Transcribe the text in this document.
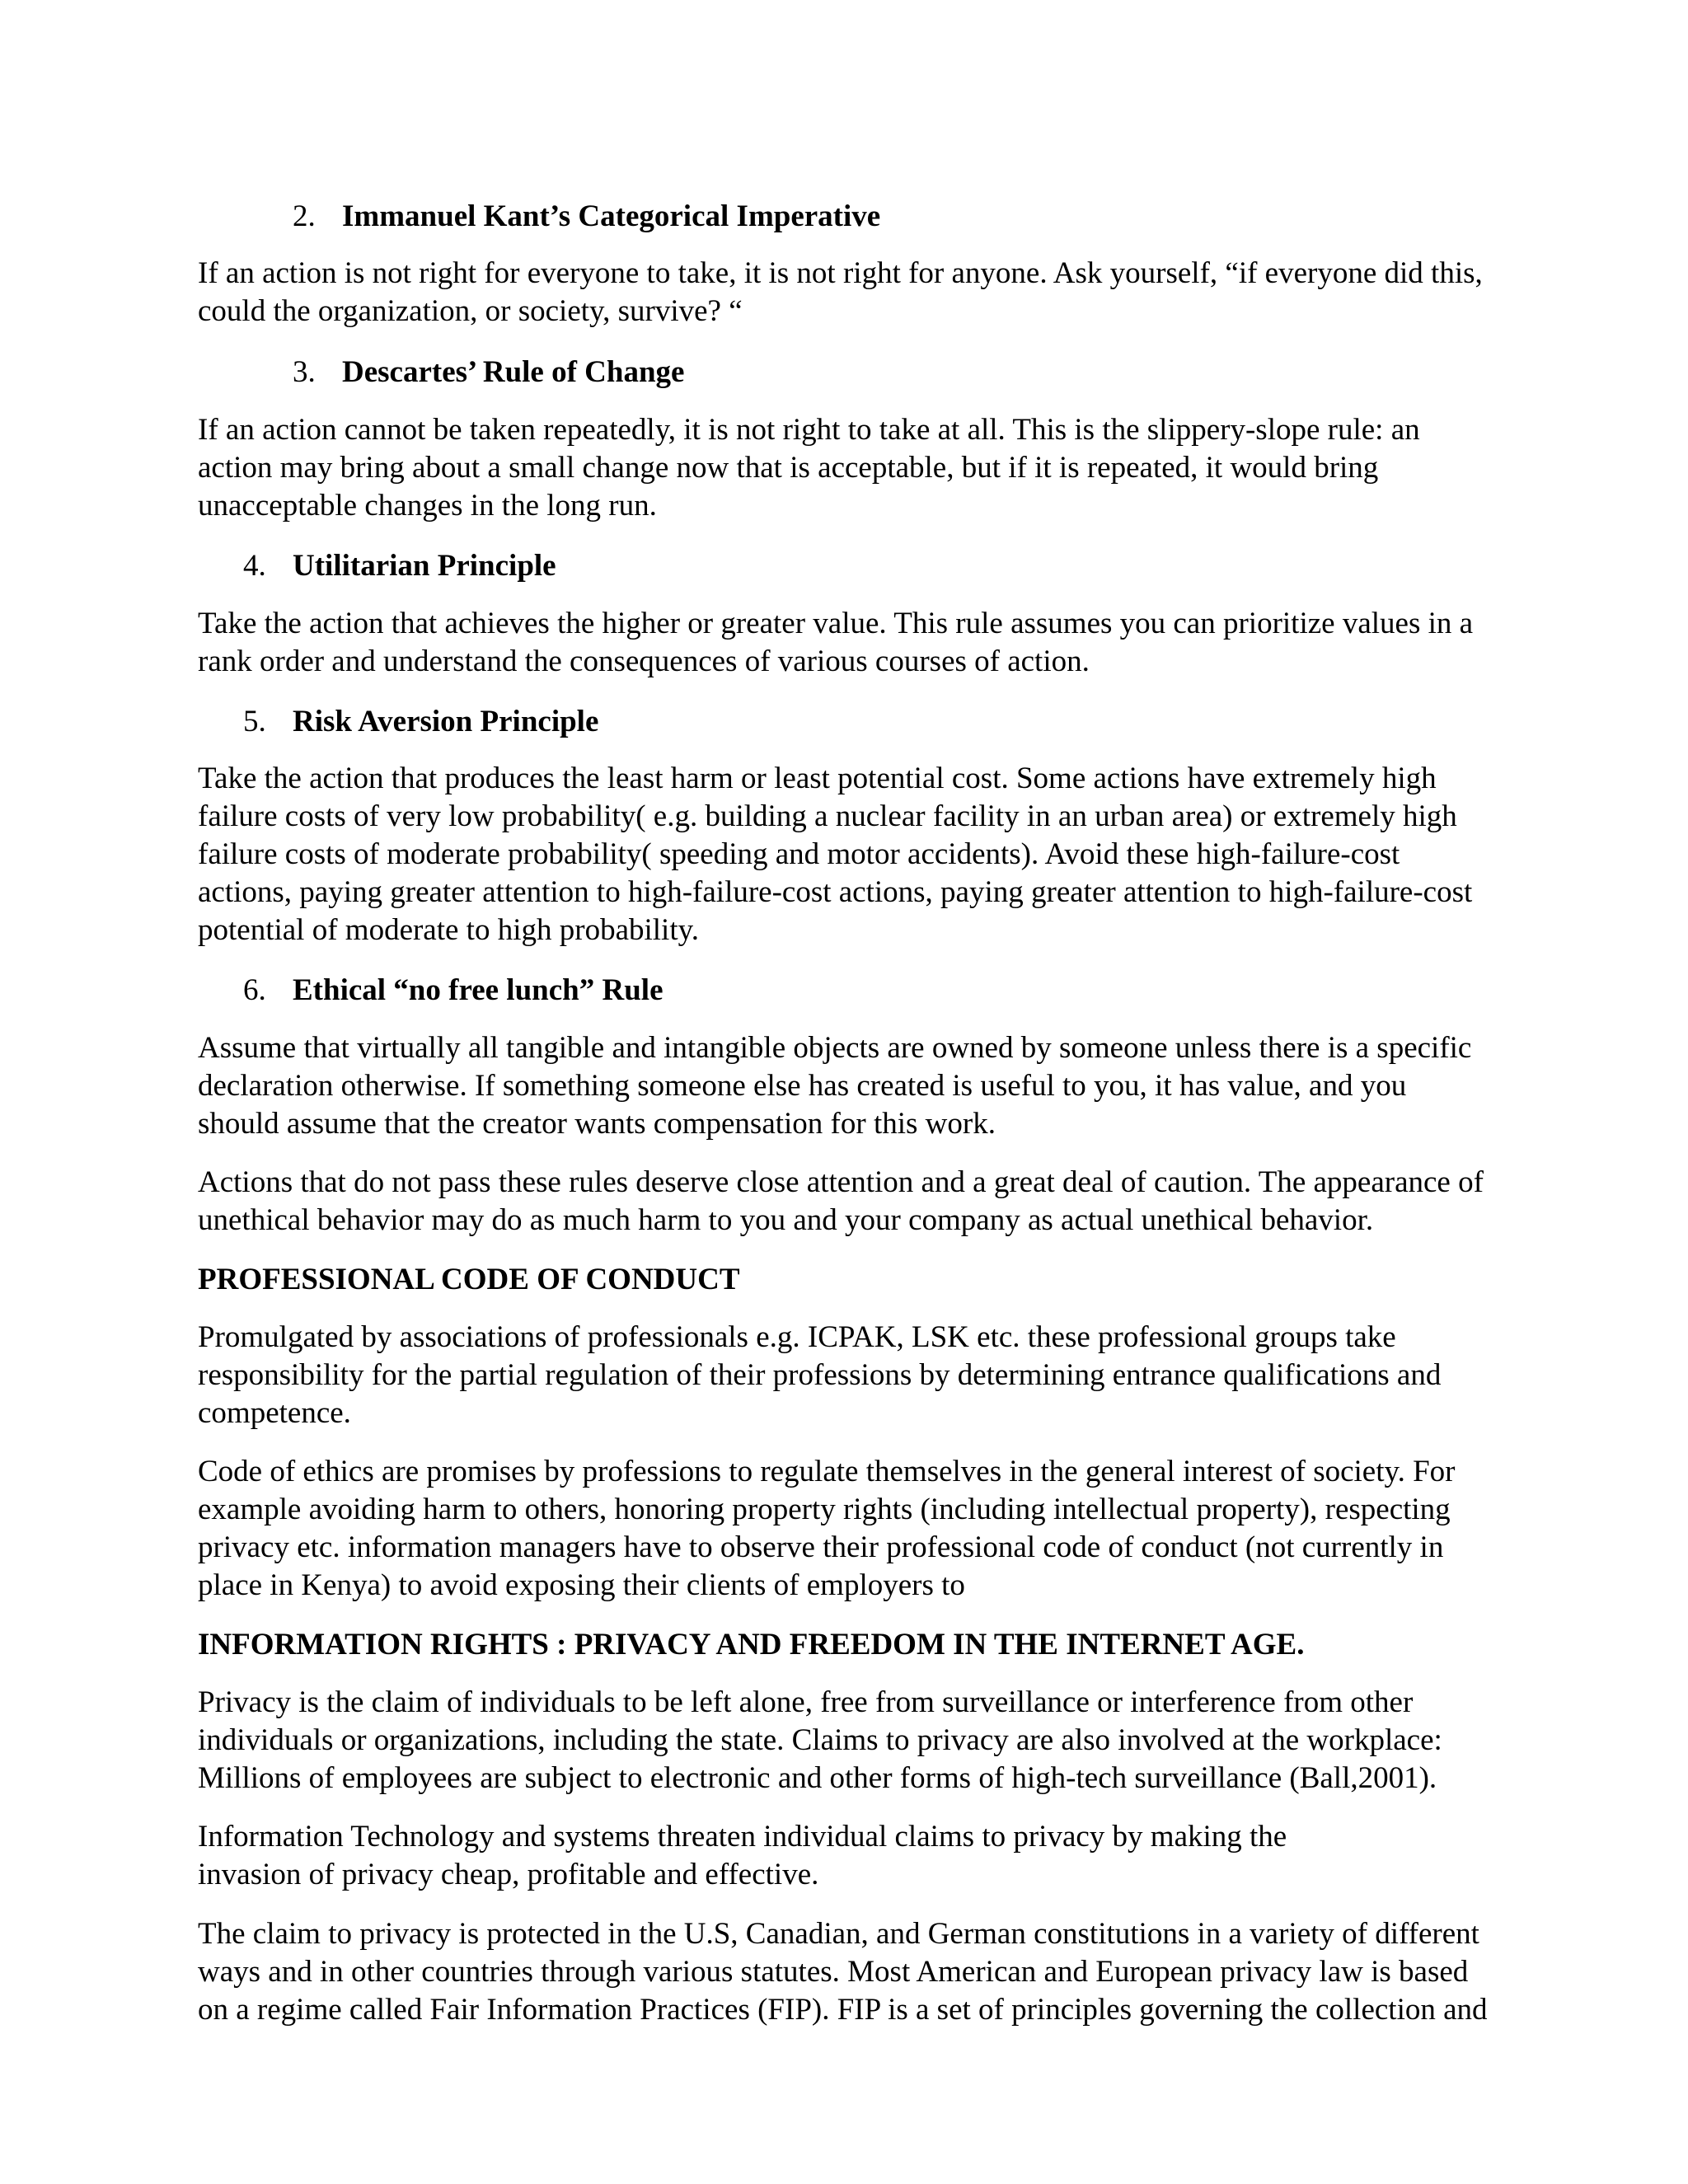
2. Immanuel Kant’s Categorical Imperative
If an action is not right for everyone to take, it is not right for anyone. Ask yourself, “if everyone did this,
could the organization, or society, survive? “
3. Descartes’ Rule of Change
If an action cannot be taken repeatedly, it is not right to take at all. This is the slippery-slope rule: an
action may bring about a small change now that is acceptable, but if it is repeated, it would bring
unacceptable changes in the long run.
4. Utilitarian Principle
Take the action that achieves the higher or greater value. This rule assumes you can prioritize values in a
rank order and understand the consequences of various courses of action.
5. Risk Aversion Principle
Take the action that produces the least harm or least potential cost. Some actions have extremely high
failure costs of very low probability( e.g. building a nuclear facility in an urban area) or extremely high
failure costs of moderate probability( speeding and motor accidents). Avoid these high-failure-cost
actions, paying greater attention to high-failure-cost actions, paying greater attention to high-failure-cost
potential of moderate to high probability.
6. Ethical “no free lunch” Rule
Assume that virtually all tangible and intangible objects are owned by someone unless there is a specific
declaration otherwise. If something someone else has created is useful to you, it has value, and you
should assume that the creator wants compensation for this work.
Actions that do not pass these rules deserve close attention and a great deal of caution. The appearance of
unethical behavior may do as much harm to you and your company as actual unethical behavior.
PROFESSIONAL CODE OF CONDUCT
Promulgated by associations of professionals e.g. ICPAK, LSK etc. these professional groups take
responsibility for the partial regulation of their professions by determining entrance qualifications and
competence.
Code of ethics are promises by professions to regulate themselves in the general interest of society. For
example avoiding harm to others, honoring property rights (including intellectual property), respecting
privacy etc. information managers have to observe their professional code of conduct (not currently in
place in Kenya) to avoid exposing their clients of employers to
INFORMATION RIGHTS : PRIVACY AND FREEDOM IN THE INTERNET AGE.
Privacy is the claim of individuals to be left alone, free from surveillance or interference from other
individuals or organizations, including the state. Claims to privacy are also involved at the workplace:
Millions of employees are subject to electronic and other forms of high-tech surveillance (Ball,2001).
Information Technology and systems threaten individual claims to privacy by making the
invasion of privacy cheap, profitable and effective.
The claim to privacy is protected in the U.S, Canadian, and German constitutions in a variety of different
ways and in other countries through various statutes. Most American and European privacy law is based
on a regime called Fair Information Practices (FIP). FIP is a set of principles governing the collection and
